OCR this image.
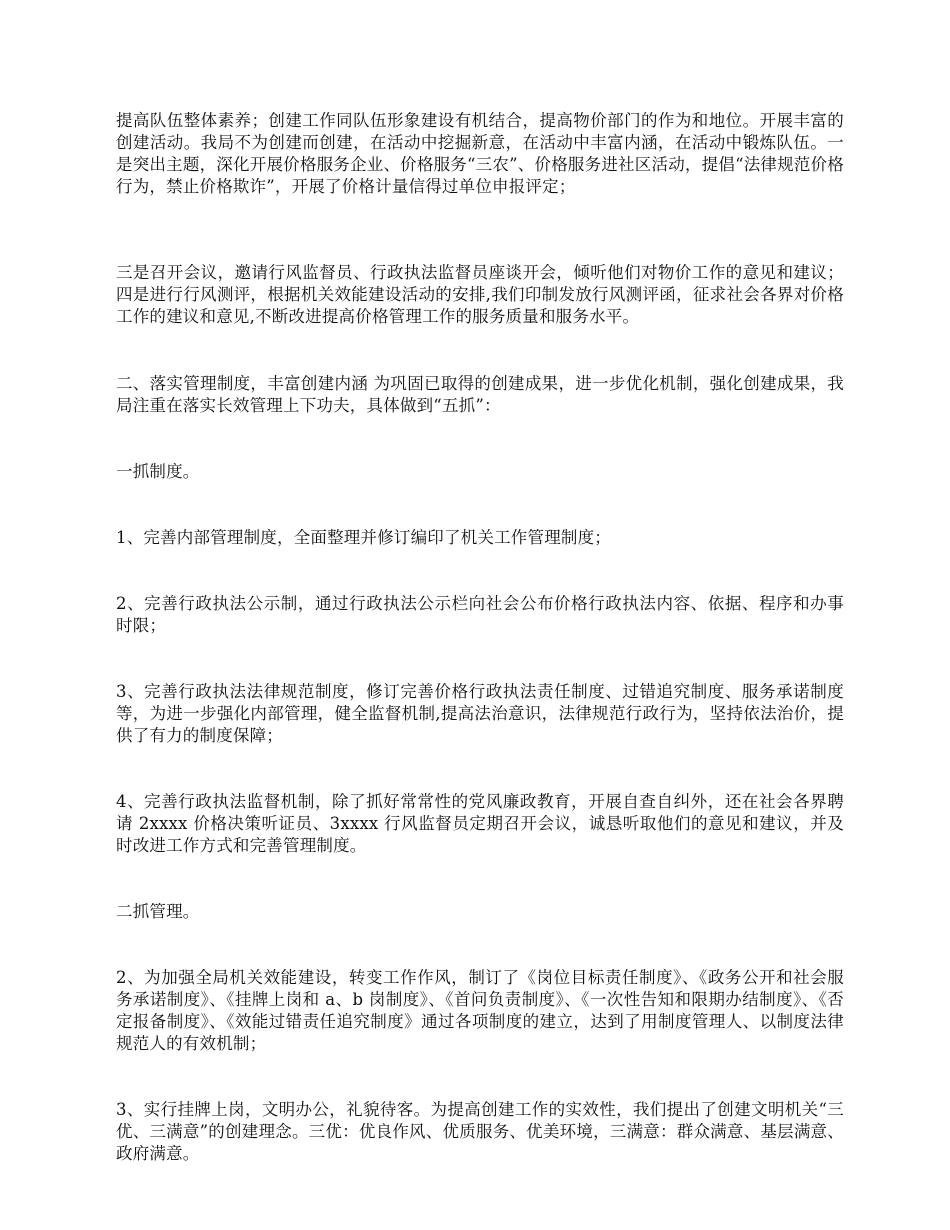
提高队伍整体素养；创建工作同队伍形象建设有机结合，提高物价部门的作为和地位。开展丰富的创建活动。我局不为创建而创建，在活动中挖掘新意，在活动中丰富内涵，在活动中锻炼队伍。一是突出主题，深化开展价格服务企业、价格服务“三农”、价格服务进社区活动，提倡“法律规范价格行为，禁止价格欺诈”，开展了价格计量信得过单位申报评定；

三是召开会议，邀请行风监督员、行政执法监督员座谈开会，倾听他们对物价工作的意见和建议；四是进行行风测评，根据机关效能建设活动的安排,我们印制发放行风测评函，征求社会各界对价格工作的建议和意见,不断改进提高价格管理工作的服务质量和服务水平。

二、落实管理制度，丰富创建内涵 为巩固已取得的创建成果，进一步优化机制，强化创建成果，我局注重在落实长效管理上下功夫，具体做到“五抓”：

一抓制度。

1、完善内部管理制度，全面整理并修订编印了机关工作管理制度；

2、完善行政执法公示制，通过行政执法公示栏向社会公布价格行政执法内容、依据、程序和办事时限；

3、完善行政执法法律规范制度，修订完善价格行政执法责任制度、过错追究制度、服务承诺制度等，为进一步强化内部管理，健全监督机制,提高法治意识，法律规范行政行为，坚持依法治价，提供了有力的制度保障；

4、完善行政执法监督机制，除了抓好常常性的党风廉政教育，开展自查自纠外，还在社会各界聘请 2xxxx 价格决策听证员、3xxxx 行风监督员定期召开会议，诚恳听取他们的意见和建议，并及时改进工作方式和完善管理制度。

二抓管理。

2、为加强全局机关效能建设，转变工作作风，制订了《岗位目标责任制度》、《政务公开和社会服务承诺制度》、《挂牌上岗和 a、b 岗制度》、《首问负责制度》、《一次性告知和限期办结制度》、《否定报备制度》、《效能过错责任追究制度》通过各项制度的建立，达到了用制度管理人、以制度法律规范人的有效机制；

3、实行挂牌上岗，文明办公，礼貌待客。为提高创建工作的实效性，我们提出了创建文明机关“三优、三满意”的创建理念。三优：优良作风、优质服务、优美环境，三满意：群众满意、基层满意、政府满意。
